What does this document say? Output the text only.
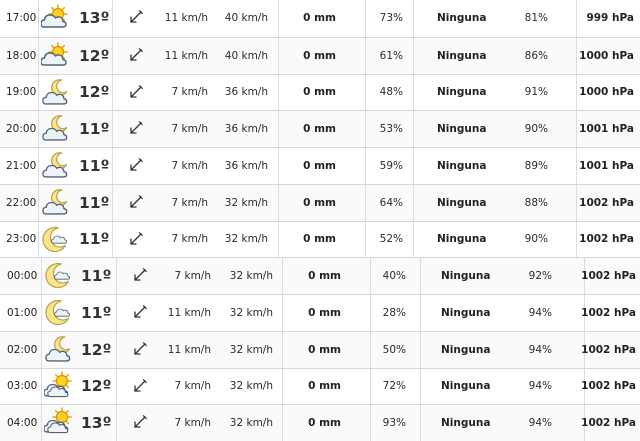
17:00	13º	11 km/h 40 km/h	0 mm	73%	Ninguna	81%	999 hPa
18:00	12º	11 km/h 40 km/h	0 mm	61%	Ninguna	86%	1000 hPa
19:00	12º	7 km/h 36 km/h	0 mm	48%	Ninguna	91%	1000 hPa
20:00	11º	7 km/h 36 km/h	0 mm	53%	Ninguna	90%	1001 hPa
21:00	11º	7 km/h 36 km/h	0 mm	59%	Ninguna	89%	1001 hPa
22:00	11º	7 km/h 32 km/h	0 mm	64%	Ninguna	88%	1002 hPa
23:00	11º	7 km/h 32 km/h	0 mm	52%	Ninguna	90%	1002 hPa
00:00	11º	7 km/h 32 km/h	0 mm	40%	Ninguna	92%	1002 hPa
01:00	11º	11 km/h 32 km/h	0 mm	28%	Ninguna	94%	1002 hPa
02:00	12º	11 km/h 32 km/h	0 mm	50%	Ninguna	94%	1002 hPa
03:00	12º	7 km/h 32 km/h	0 mm	72%	Ninguna	94%	1002 hPa
04:00	13º	7 km/h 32 km/h	0 mm	93%	Ninguna	94%	1002 hPa
